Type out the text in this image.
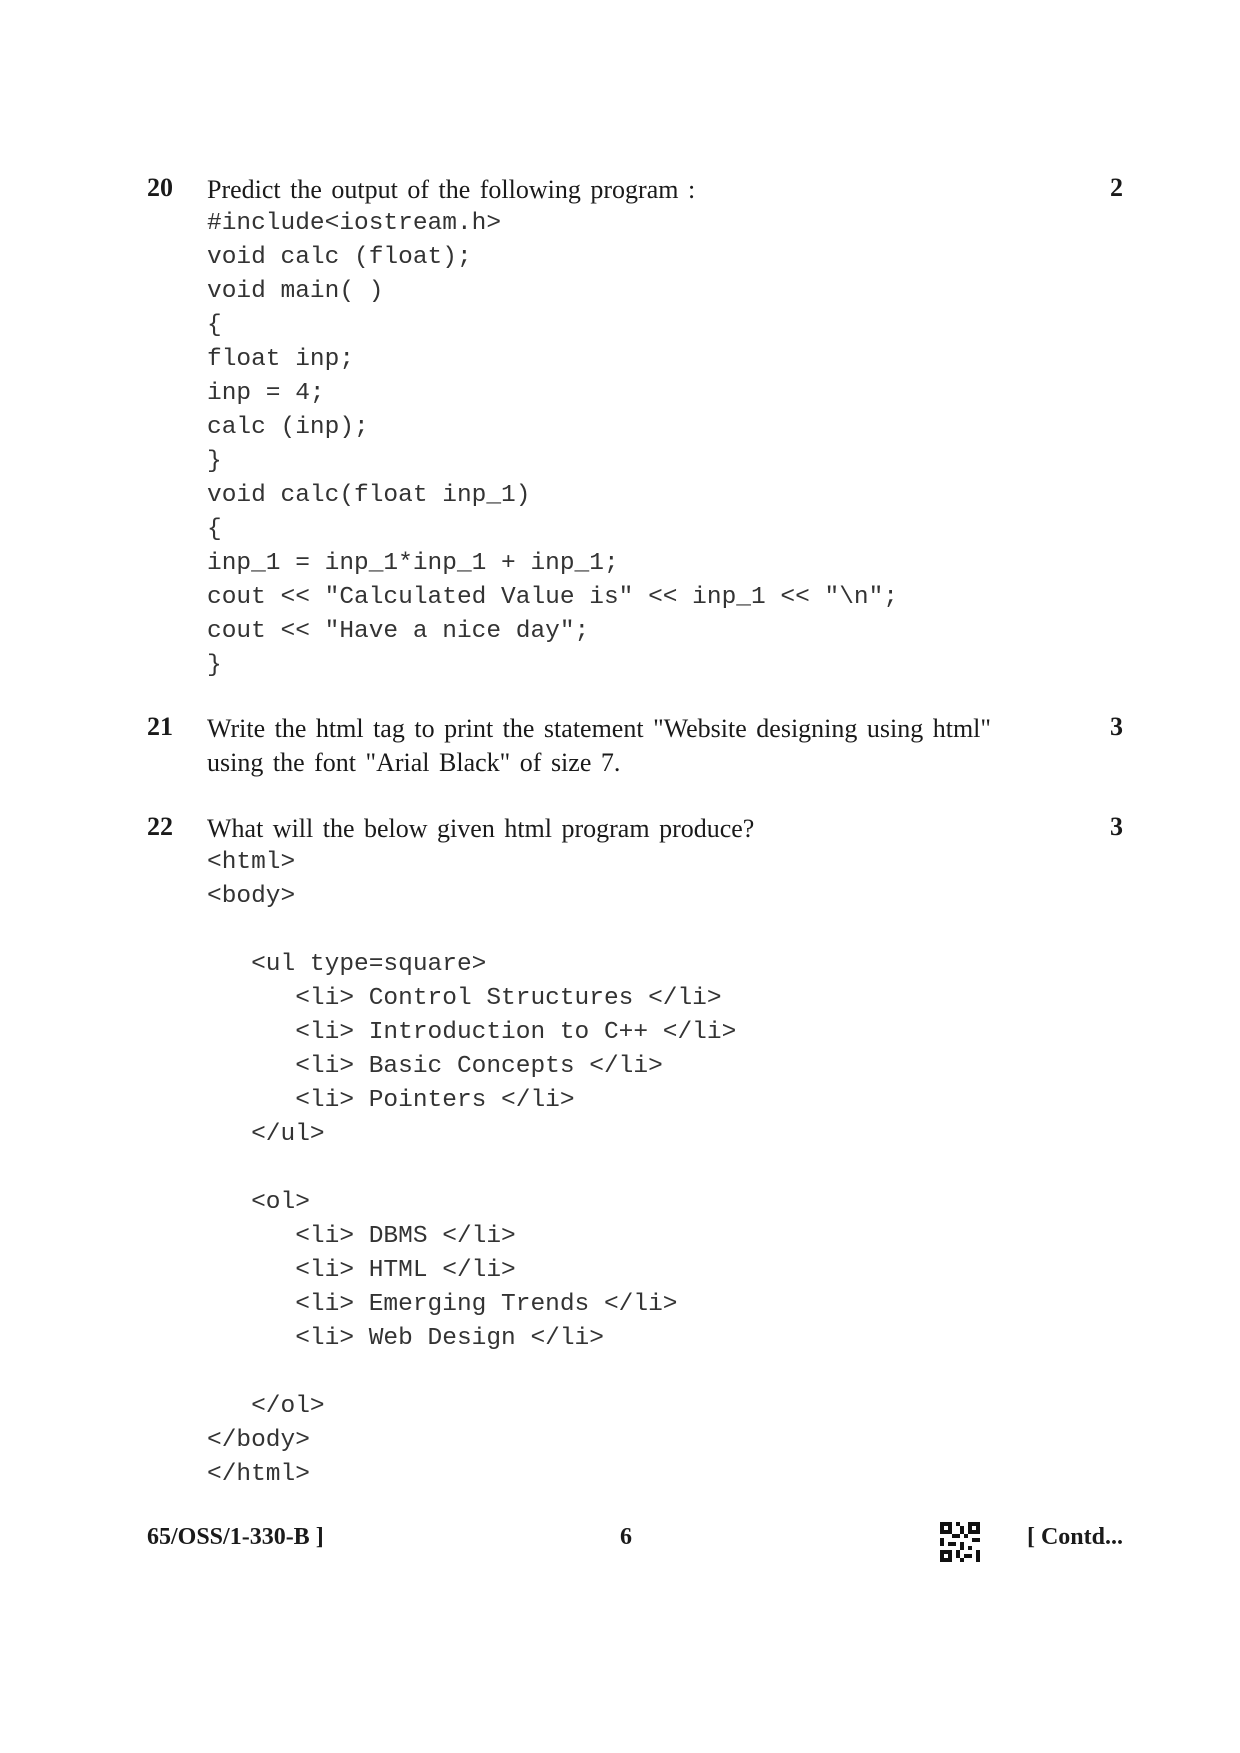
20 Predict the output of the following program :	2
#include<iostream.h>
void calc (float);
void main( )
{
float inp;
inp = 4;
calc (inp);
}
void calc(float inp_1)
{
inp_1 = inp_1*inp_1 + inp_1;
cout << "Calculated Value is" << inp_1 << "\n";
cout << "Have a nice day";
}
21 Write the html tag to print the statement "Website designing using html" using the font "Arial Black" of size 7.
3
22 What will the below given html program produce?	3
<html>
<body>

<ul type=square>
<li> Control Structures </li>
<li> Introduction to C++ </li>
<li> Basic Concepts </li>
<li> Pointers </li>
</ul>

<ol>
<li> DBMS </li>
<li> HTML </li>
<li> Emerging Trends </li>
<li> Web Design </li>

</ol>
</body>
</html>
65/OSS/1-330-B ]	6	[ Contd...
